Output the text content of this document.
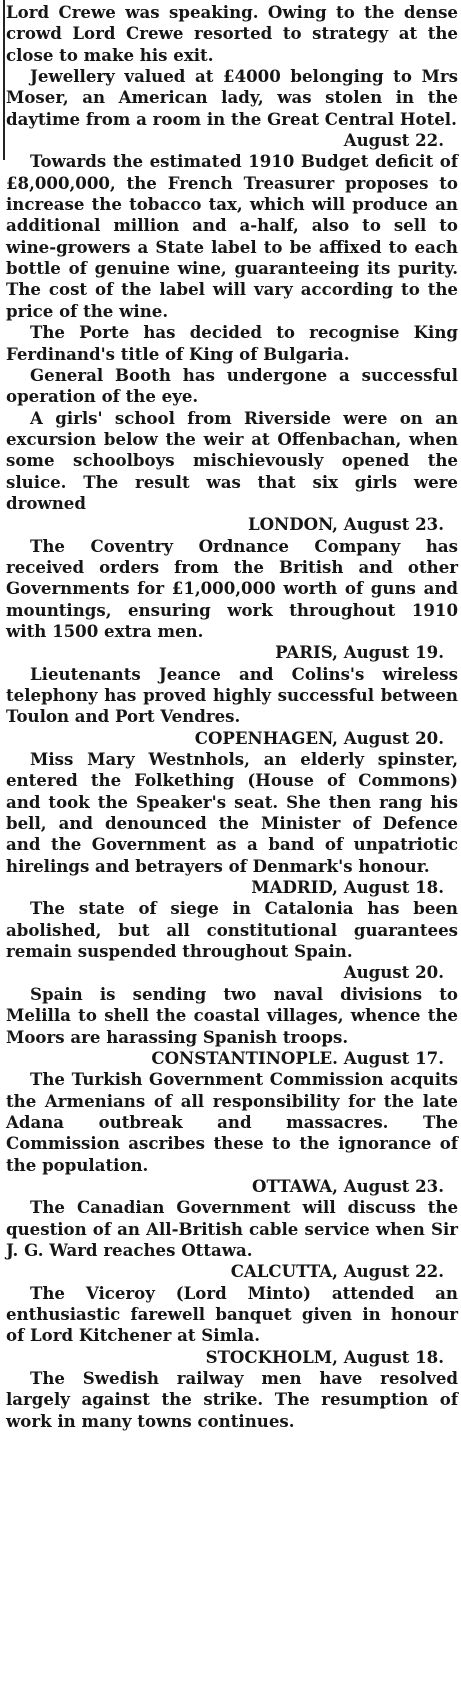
Lord Crewe was speaking. Owing to the dense crowd Lord Crewe resorted to strategy at the close to make his exit.

Jewellery valued at £4000 belonging to Mrs Moser, an American lady, was stolen in the daytime from a room in the Great Central Hotel.

August 22.

Towards the estimated 1910 Budget deficit of £8,000,000, the French Treasurer proposes to increase the tobacco tax, which will produce an additional million and a-half, also to sell to wine-growers a State label to be affixed to each bottle of genuine wine, guaranteeing its purity. The cost of the label will vary according to the price of the wine.

The Porte has decided to recognise King Ferdinand's title of King of Bulgaria.

General Booth has undergone a successful operation of the eye.

A girls' school from Riverside were on an excursion below the weir at Offenbachan, when some schoolboys mischievously opened the sluice. The result was that six girls were drowned

LONDON, August 23.

The Coventry Ordnance Company has received orders from the British and other Governments for £1,000,000 worth of guns and mountings, ensuring work throughout 1910 with 1500 extra men.

PARIS, August 19.

Lieutenants Jeance and Colins's wireless telephony has proved highly successful between Toulon and Port Vendres.

COPENHAGEN, August 20.

Miss Mary Westnhols, an elderly spinster, entered the Folkething (House of Commons) and took the Speaker's seat. She then rang his bell, and denounced the Minister of Defence and the Government as a band of unpatriotic hirelings and betrayers of Denmark's honour.

MADRID, August 18.

The state of siege in Catalonia has been abolished, but all constitutional guarantees remain suspended throughout Spain.

August 20.

Spain is sending two naval divisions to Melilla to shell the coastal villages, whence the Moors are harassing Spanish troops.

CONSTANTINOPLE. August 17.

The Turkish Government Commission acquits the Armenians of all responsibility for the late Adana outbreak and massacres. The Commission ascribes these to the ignorance of the population.

OTTAWA, August 23.

The Canadian Government will discuss the question of an All-British cable service when Sir J. G. Ward reaches Ottawa.

CALCUTTA, August 22.

The Viceroy (Lord Minto) attended an enthusiastic farewell banquet given in honour of Lord Kitchener at Simla.

STOCKHOLM, August 18.

The Swedish railway men have resolved largely against the strike. The resumption of work in many towns continues.
